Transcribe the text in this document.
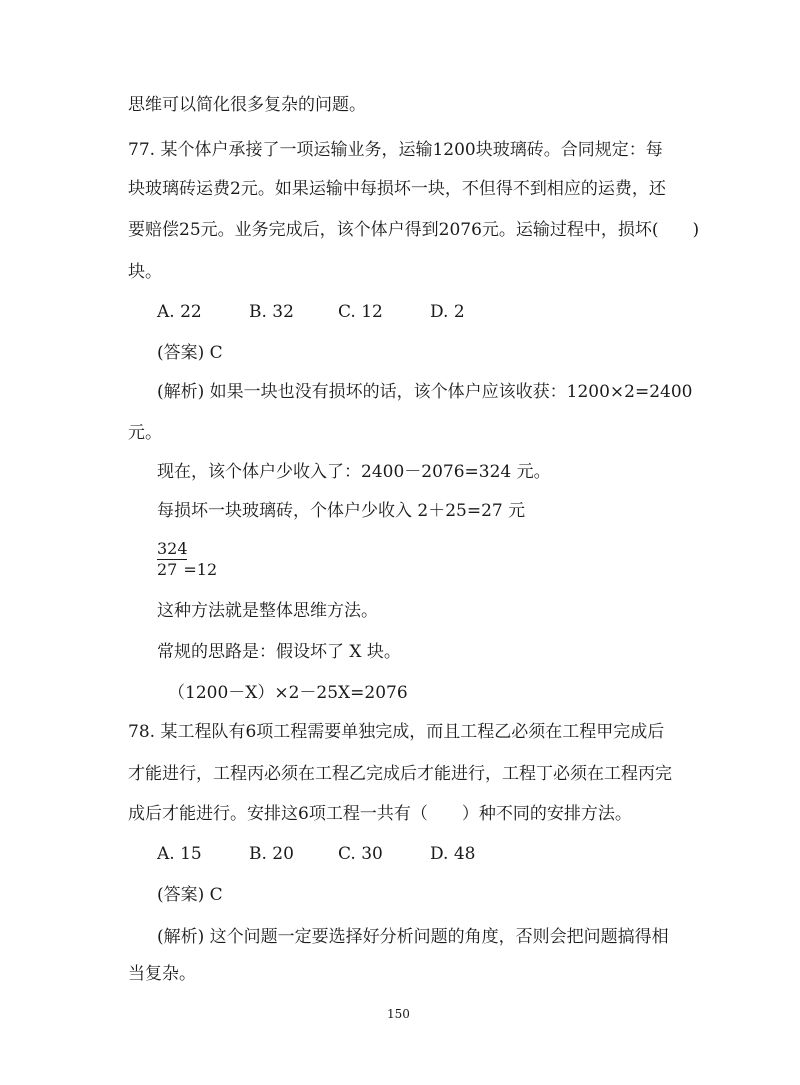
思维可以简化很多复杂的问题。
77. 某个体户承接了一项运输业务，运输1200块玻璃砖。合同规定：每
块玻璃砖运费2元。如果运输中每损坏一块，不但得不到相应的运费，还
要赔偿25元。业务完成后，该个体户得到2076元。运输过程中，损坏(　　)
块。
A. 22	B. 32	C. 12	D. 2
(答案) C
(解析) 如果一块也没有损坏的话，该个体户应该收获：1200×2=2400
元。
现在，该个体户少收入了：2400－2076=324 元。
每损坏一块玻璃砖，个体户少收入 2＋25=27 元
324
27 =12
这种方法就是整体思维方法。
常规的思路是：假设坏了 X 块。
（1200－X）×2－25X=2076
78. 某工程队有6项工程需要单独完成，而且工程乙必须在工程甲完成后
才能进行，工程丙必须在工程乙完成后才能进行，工程丁必须在工程丙完
成后才能进行。安排这6项工程一共有（　　）种不同的安排方法。
A. 15	B. 20	C. 30	D. 48
(答案) C
(解析) 这个问题一定要选择好分析问题的角度，否则会把问题搞得相
当复杂。
150
